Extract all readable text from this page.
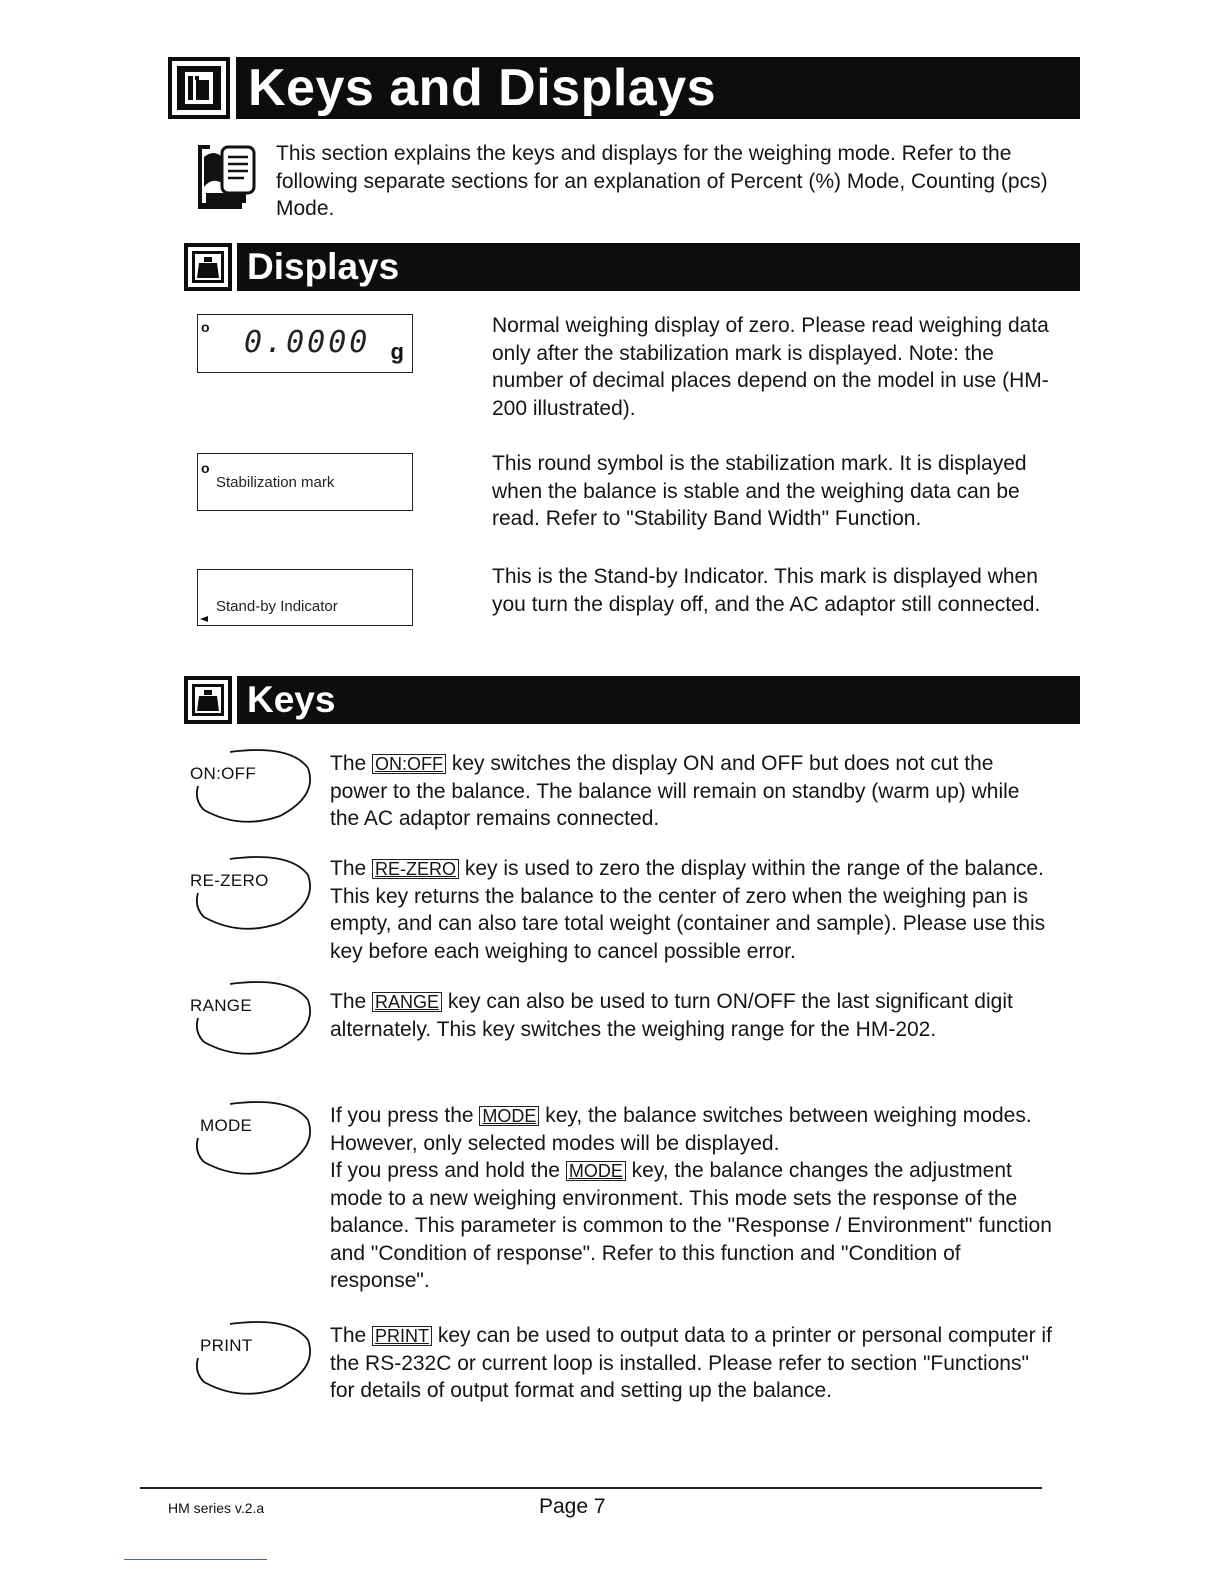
Keys and Displays
This section explains the keys and displays for the weighing mode. Refer to the following separate sections for an explanation of Percent (%) Mode, Counting (pcs) Mode.
Displays
o 0.0000 g
Normal weighing display of zero. Please read weighing data only after the stabilization mark is displayed. Note: the number of decimal places depend on the model in use (HM-200 illustrated).
o
Stabilization mark
This round symbol is the stabilization mark. It is displayed when the balance is stable and the weighing data can be read. Refer to "Stability Band Width" Function.
Stand-by Indicator
This is the Stand-by Indicator. This mark is displayed when you turn the display off, and the AC adaptor still connected.
Keys
ON:OFF	The ON:OFF key switches the display ON and OFF but does not cut the power to the balance. The balance will remain on standby (warm up) while the AC adaptor remains connected.
RE-ZERO
The RE-ZERO key is used to zero the display within the range of the balance. This key returns the balance to the center of zero when the weighing pan is empty, and can also tare total weight (container and sample). Please use this key before each weighing to cancel possible error.
RANGE	The RANGE key can also be used to turn ON/OFF the last significant digit alternately. This key switches the weighing range for the HM-202.
MODE	If you press the MODE key, the balance switches between weighing modes. However, only selected modes will be displayed.
If you press and hold the MODE key, the balance changes the adjustment mode to a new weighing environment. This mode sets the response of the balance. This parameter is common to the "Response / Environment" function and "Condition of response". Refer to this function and "Condition of response".
PRINT	The PRINT key can be used to output data to a printer or personal computer if the RS-232C or current loop is installed. Please refer to section "Functions" for details of output format and setting up the balance.
HM series v.2.a	Page 7
